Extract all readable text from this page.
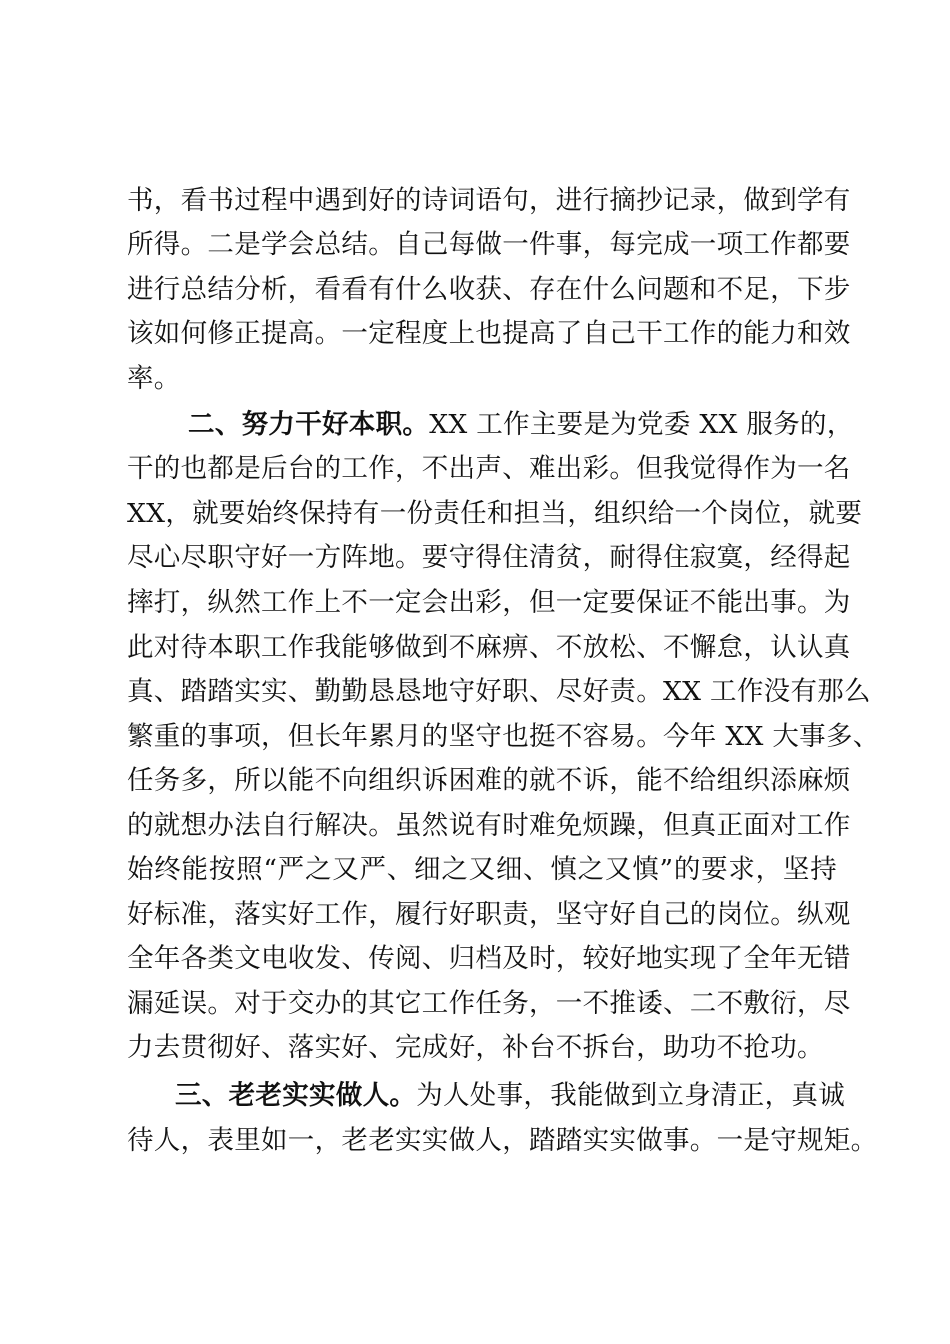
书，看书过程中遇到好的诗词语句，进行摘抄记录，做到学有
所得。二是学会总结。自己每做一件事，每完成一项工作都要
进行总结分析，看看有什么收获、存在什么问题和不足，下步
该如何修正提高。一定程度上也提高了自己干工作的能力和效
率。
二、努力干好本职。XX 工作主要是为党委 XX 服务的，
干的也都是后台的工作，不出声、难出彩。但我觉得作为一名
XX，就要始终保持有一份责任和担当，组织给一个岗位，就要
尽心尽职守好一方阵地。要守得住清贫，耐得住寂寞，经得起
摔打，纵然工作上不一定会出彩，但一定要保证不能出事。为
此对待本职工作我能够做到不麻痹、不放松、不懈怠，认认真
真、踏踏实实、勤勤恳恳地守好职、尽好责。XX 工作没有那么
繁重的事项，但长年累月的坚守也挺不容易。今年 XX 大事多、
任务多，所以能不向组织诉困难的就不诉，能不给组织添麻烦
的就想办法自行解决。虽然说有时难免烦躁，但真正面对工作
始终能按照“严之又严、细之又细、慎之又慎”的要求，坚持
好标准，落实好工作，履行好职责，坚守好自己的岗位。纵观
全年各类文电收发、传阅、归档及时，较好地实现了全年无错
漏延误。对于交办的其它工作任务，一不推诿、二不敷衍，尽
力去贯彻好、落实好、完成好，补台不拆台，助功不抢功。
三、老老实实做人。为人处事，我能做到立身清正，真诚
待人，表里如一，老老实实做人，踏踏实实做事。一是守规矩。
